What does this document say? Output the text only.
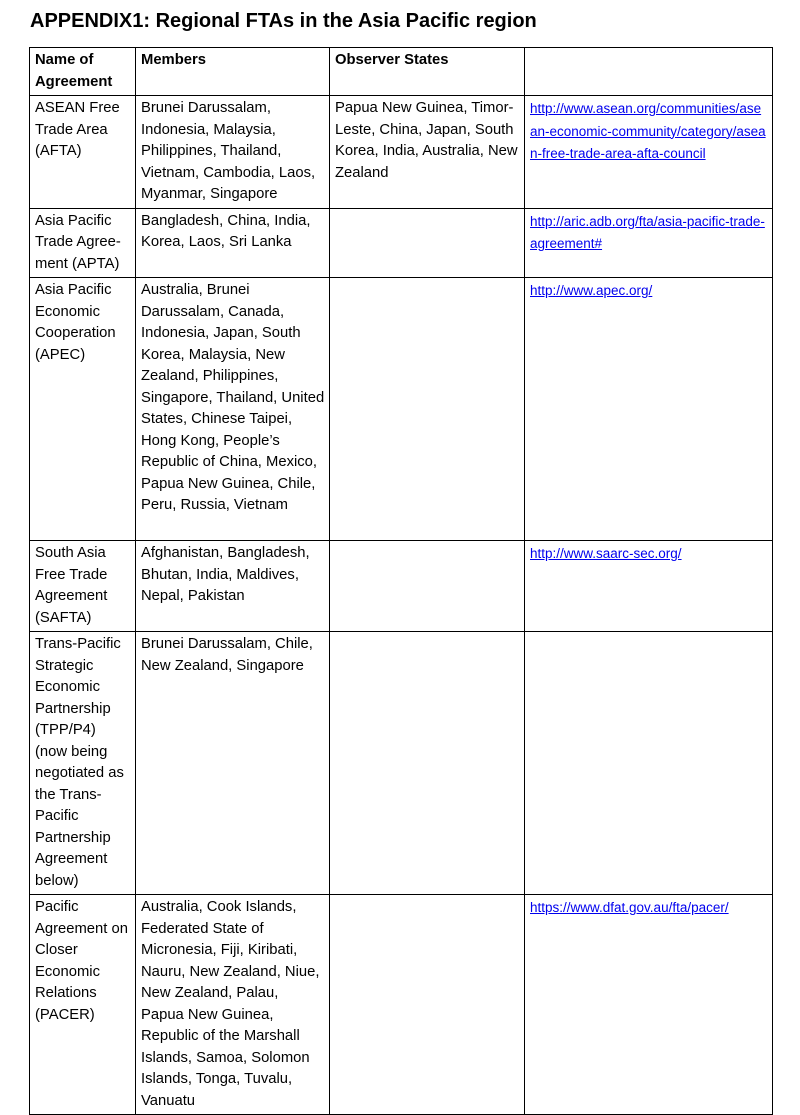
APPENDIX1: Regional FTAs in the Asia Pacific region
Name of Agreement	Members	Observer States	
ASEAN Free Trade Area (AFTA)	Brunei Darussalam, Indonesia, Malaysia, Philippines, Thailand, Vietnam, Cambodia, Laos, Myanmar, Singapore	Papua New Guinea, Timor-Leste, China, Japan, South Korea, India, Australia, New Zealand	http://www.asean.org/communities/asean-economic-community/category/asean-free-trade-area-afta-council
Asia Pacific Trade Agree-ment (APTA)	Bangladesh, China, India, Korea, Laos, Sri Lanka		http://aric.adb.org/fta/asia-pacific-trade-agreement#
Asia Pacific Economic Cooperation (APEC)	Australia, Brunei Darussalam, Canada, Indonesia, Japan, South Korea, Malaysia, New Zealand, Philippines, Singapore, Thailand, United States, Chinese Taipei, Hong Kong, People’s Republic of China, Mexico, Papua New Guinea, Chile, Peru, Russia, Vietnam		http://www.apec.org/
South Asia Free Trade Agreement (SAFTA)	Afghanistan, Bangladesh, Bhutan, India, Maldives, Nepal, Pakistan		http://www.saarc-sec.org/
Trans-Pacific Strategic Economic Partnership (TPP/P4) (now being negotiated as the Trans-Pacific Partnership Agreement below)	Brunei Darussalam, Chile, New Zealand, Singapore		
Pacific Agreement on Closer Economic Relations (PACER)	Australia, Cook Islands, Federated State of Micronesia, Fiji, Kiribati, Nauru, New Zealand, Niue, New Zealand, Palau, Papua New Guinea, Republic of the Marshall Islands, Samoa, Solomon Islands, Tonga, Tuvalu, Vanuatu		https://www.dfat.gov.au/fta/pacer/
